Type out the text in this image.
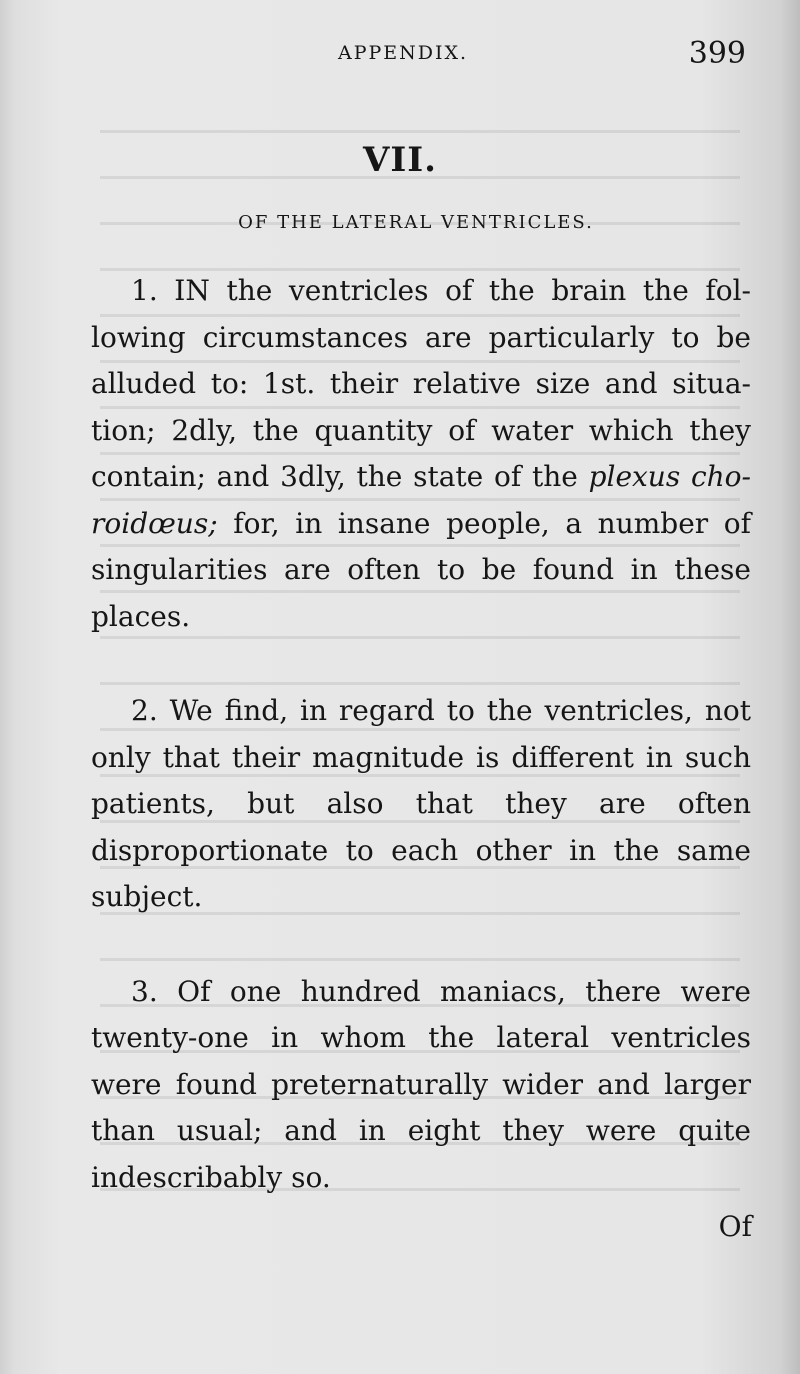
APPENDIX.	399
VII.
OF THE LATERAL VENTRICLES.

1. IN the ventricles of the brain the following circumstances are particularly to be alluded to: 1st. their relative size and situation; 2dly, the quantity of water which they contain; and 3dly, the state of the plexus choroidœus; for, in insane people, a number of singularities are often to be found in these places.

2. We find, in regard to the ventricles, not only that their magnitude is different in such patients, but also that they are often disproportionate to each other in the same subject.

3. Of one hundred maniacs, there were twenty-one in whom the lateral ventricles were found preternaturally wider and larger than usual; and in eight they were quite indescribably so.

Of
